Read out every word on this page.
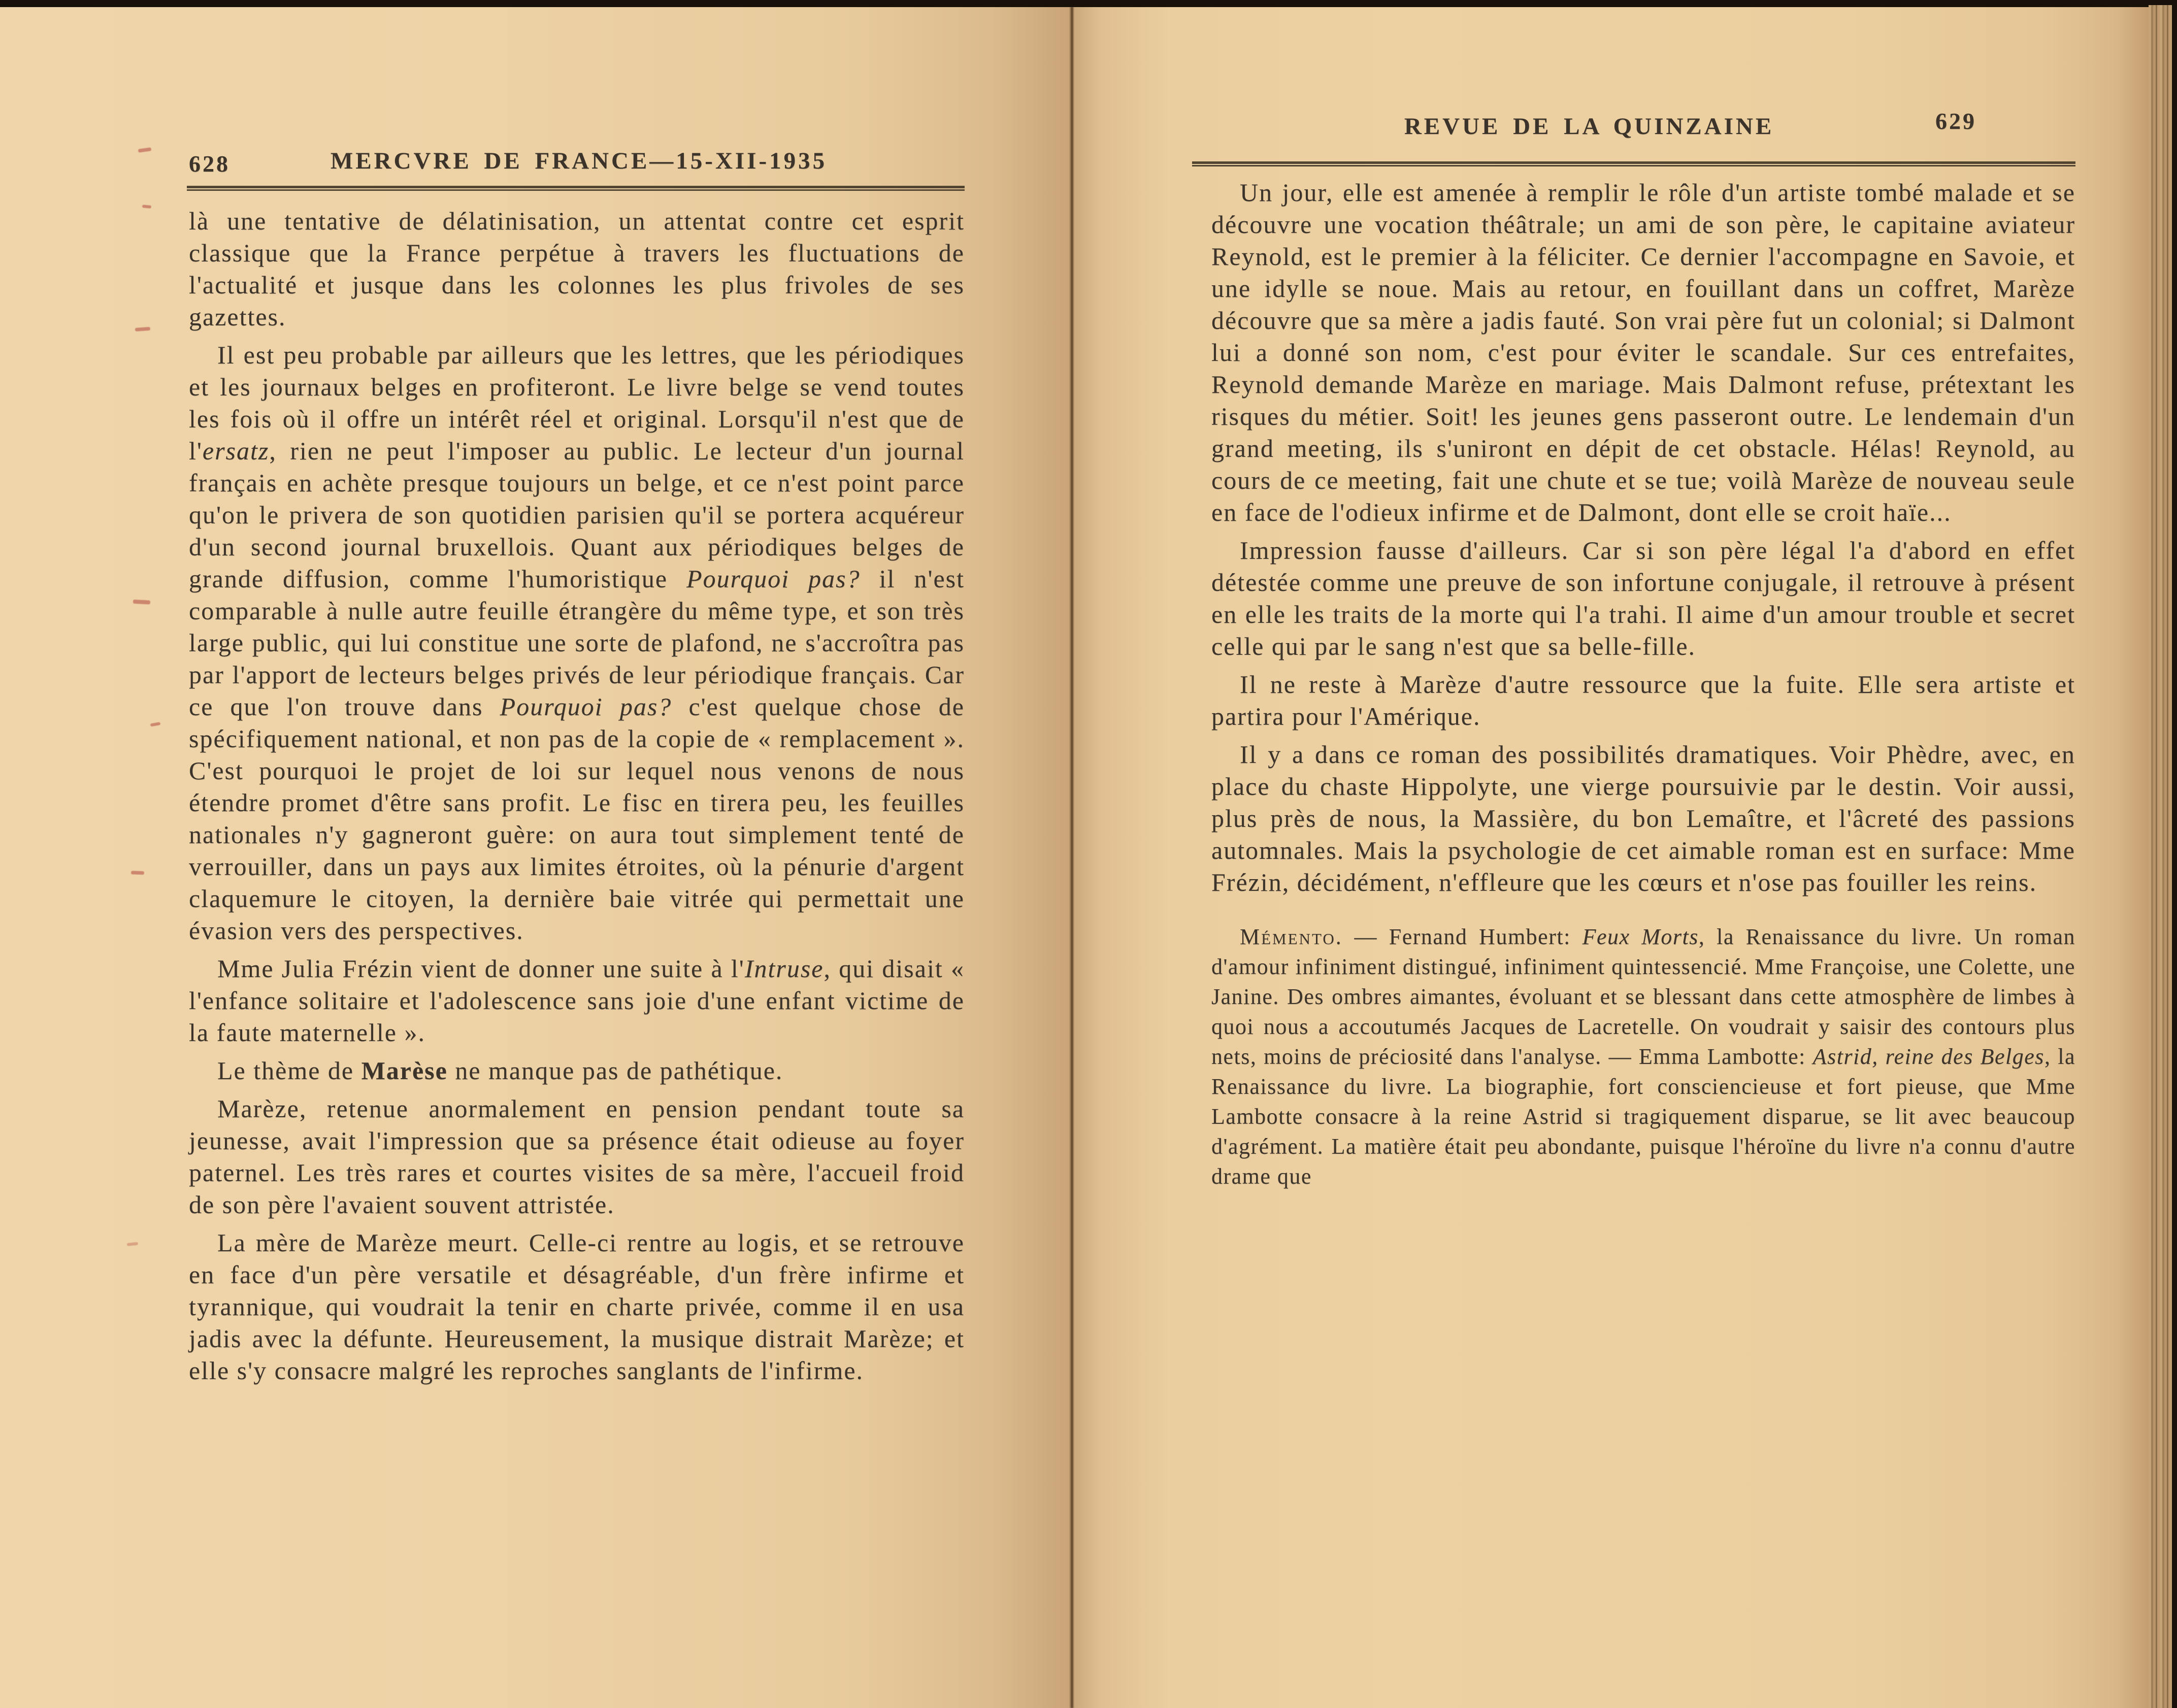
628	MERCVRE DE FRANCE—15-XII-1935

là une tentative de délatinisation, un attentat contre cet esprit classique que la France perpétue à travers les fluctuations de l'actualité et jusque dans les colonnes les plus frivoles de ses gazettes.

Il est peu probable par ailleurs que les lettres, que les périodiques et les journaux belges en profiteront. Le livre belge se vend toutes les fois où il offre un intérêt réel et original. Lorsqu'il n'est que de l'ersatz, rien ne peut l'imposer au public. Le lecteur d'un journal français en achète presque toujours un belge, et ce n'est point parce qu'on le privera de son quotidien parisien qu'il se portera acquéreur d'un second journal bruxellois. Quant aux périodiques belges de grande diffusion, comme l'humoristique Pourquoi pas? il n'est comparable à nulle autre feuille étrangère du même type, et son très large public, qui lui constitue une sorte de plafond, ne s'accroîtra pas par l'apport de lecteurs belges privés de leur périodique français. Car ce que l'on trouve dans Pourquoi pas? c'est quelque chose de spécifiquement national, et non pas de la copie de « remplacement ». C'est pourquoi le projet de loi sur lequel nous venons de nous étendre promet d'être sans profit. Le fisc en tirera peu, les feuilles nationales n'y gagneront guère: on aura tout simplement tenté de verrouiller, dans un pays aux limites étroites, où la pénurie d'argent claquemure le citoyen, la dernière baie vitrée qui permettait une évasion vers des perspectives.

Mme Julia Frézin vient de donner une suite à l'Intruse, qui disait « l'enfance solitaire et l'adolescence sans joie d'une enfant victime de la faute maternelle ».

Le thème de Marèse ne manque pas de pathétique.

Marèze, retenue anormalement en pension pendant toute sa jeunesse, avait l'impression que sa présence était odieuse au foyer paternel. Les très rares et courtes visites de sa mère, l'accueil froid de son père l'avaient souvent attristée.

La mère de Marèze meurt. Celle-ci rentre au logis, et se retrouve en face d'un père versatile et désagréable, d'un frère infirme et tyrannique, qui voudrait la tenir en charte privée, comme il en usa jadis avec la défunte. Heureusement, la musique distrait Marèze; et elle s'y consacre malgré les reproches sanglants de l'infirme.

REVUE DE LA QUINZAINE	629

Un jour, elle est amenée à remplir le rôle d'un artiste tombé malade et se découvre une vocation théâtrale; un ami de son père, le capitaine aviateur Reynold, est le premier à la féliciter. Ce dernier l'accompagne en Savoie, et une idylle se noue. Mais au retour, en fouillant dans un coffret, Marèze découvre que sa mère a jadis fauté. Son vrai père fut un colonial; si Dalmont lui a donné son nom, c'est pour éviter le scandale. Sur ces entrefaites, Reynold demande Marèze en mariage. Mais Dalmont refuse, prétextant les risques du métier. Soit! les jeunes gens passeront outre. Le lendemain d'un grand meeting, ils s'uniront en dépit de cet obstacle. Hélas! Reynold, au cours de ce meeting, fait une chute et se tue; voilà Marèze de nouveau seule en face de l'odieux infirme et de Dalmont, dont elle se croit haïe...

Impression fausse d'ailleurs. Car si son père légal l'a d'abord en effet détestée comme une preuve de son infortune conjugale, il retrouve à présent en elle les traits de la morte qui l'a trahi. Il aime d'un amour trouble et secret celle qui par le sang n'est que sa belle-fille.

Il ne reste à Marèze d'autre ressource que la fuite. Elle sera artiste et partira pour l'Amérique.

Il y a dans ce roman des possibilités dramatiques. Voir Phèdre, avec, en place du chaste Hippolyte, une vierge poursuivie par le destin. Voir aussi, plus près de nous, la Massière, du bon Lemaître, et l'âcreté des passions automnales. Mais la psychologie de cet aimable roman est en surface: Mme Frézin, décidément, n'effleure que les cœurs et n'ose pas fouiller les reins.

Mémento. — Fernand Humbert: Feux Morts, la Renaissance du livre. Un roman d'amour infiniment distingué, infiniment quintessencié. Mme Françoise, une Colette, une Janine. Des ombres aimantes, évoluant et se blessant dans cette atmosphère de limbes à quoi nous a accoutumés Jacques de Lacretelle. On voudrait y saisir des contours plus nets, moins de préciosité dans l'analyse. — Emma Lambotte: Astrid, reine des Belges, la Renaissance du livre. La biographie, fort consciencieuse et fort pieuse, que Mme Lambotte consacre à la reine Astrid si tragiquement disparue, se lit avec beaucoup d'agrément. La matière était peu abondante, puisque l'héroïne du livre n'a connu d'autre drame que
